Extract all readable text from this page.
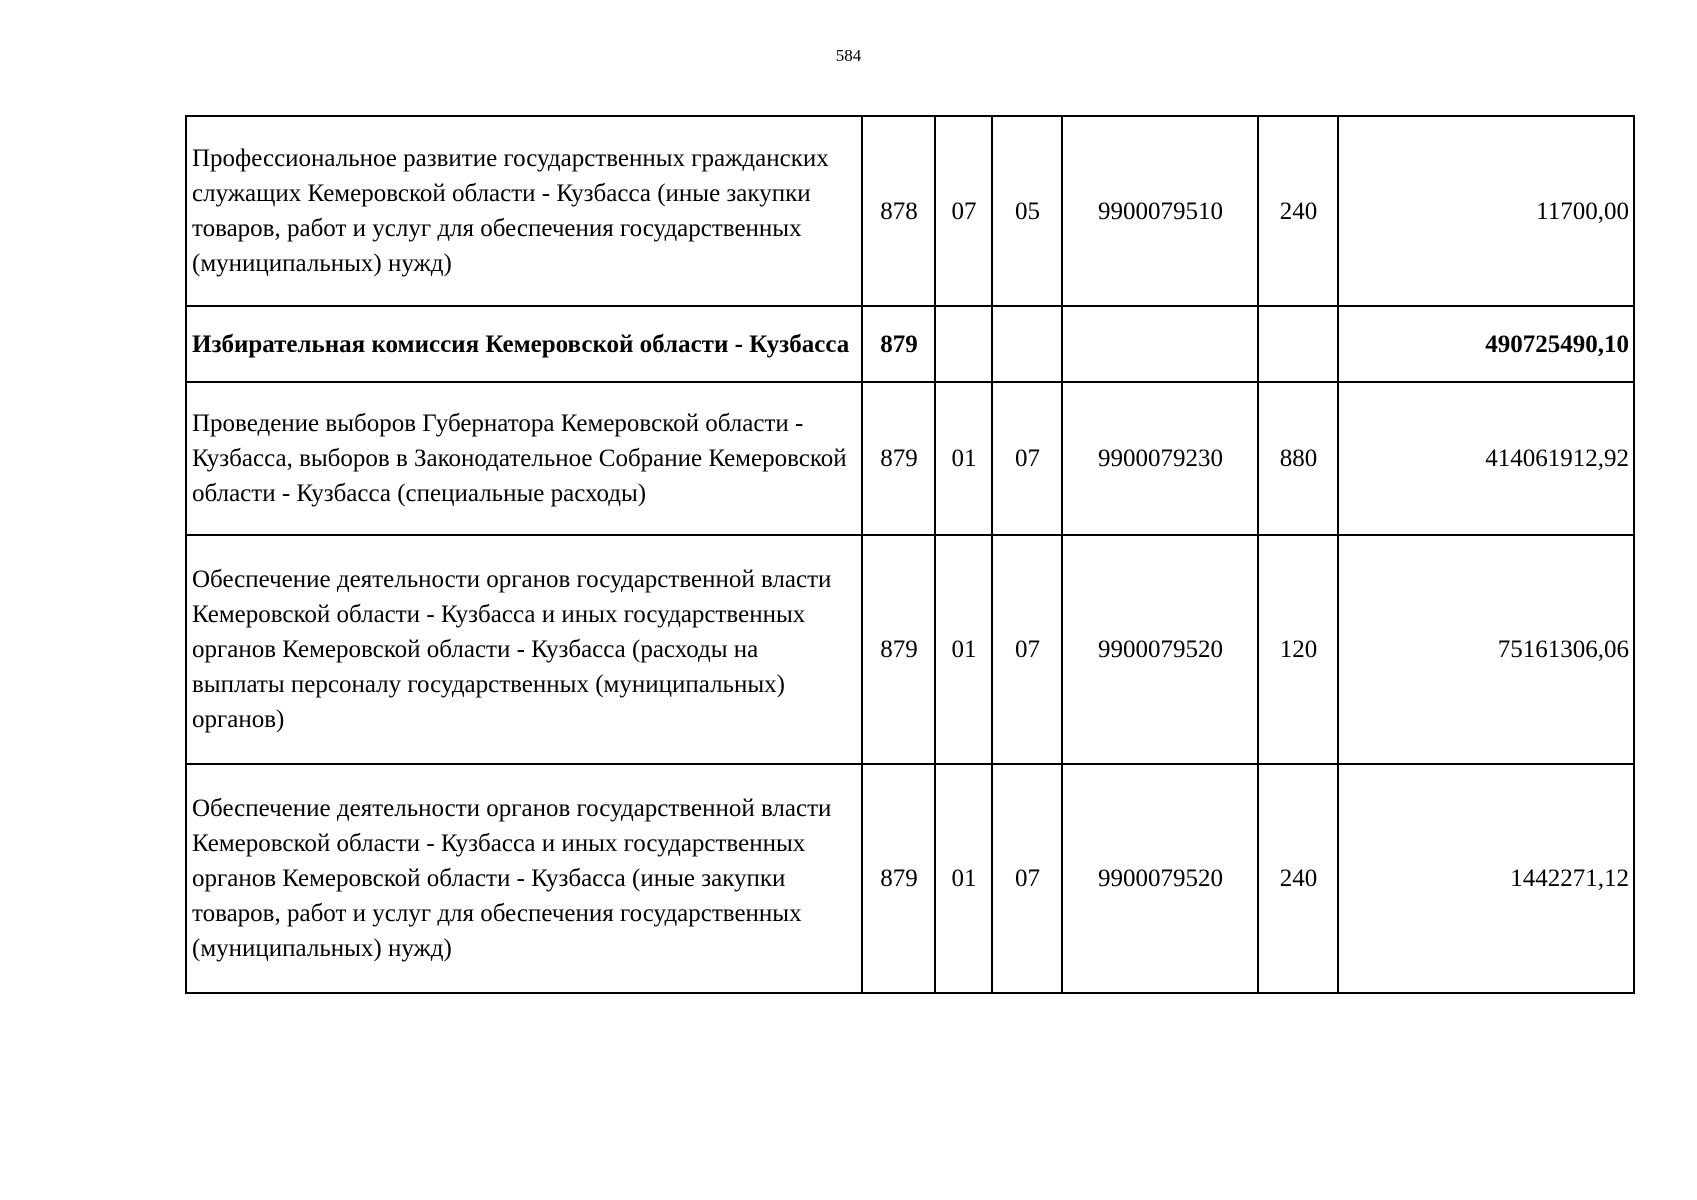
584
Профессиональное развитие государственных гражданских служащих Кемеровской области - Кузбасса (иные закупки товаров, работ и услуг для обеспечения государственных (муниципальных) нужд)	878	07	05	9900079510	240	11700,00
Избирательная комиссия Кемеровской области - Кузбасса	879					490725490,10
Проведение выборов Губернатора Кемеровской области - Кузбасса, выборов в Законодательное Собрание Кемеровской области - Кузбасса (специальные расходы)	879	01	07	9900079230	880	414061912,92
Обеспечение деятельности органов государственной власти Кемеровской области - Кузбасса и иных государственных органов Кемеровской области - Кузбасса (расходы на выплаты персоналу государственных (муниципальных) органов)	879	01	07	9900079520	120	75161306,06
Обеспечение деятельности органов государственной власти Кемеровской области - Кузбасса и иных государственных органов Кемеровской области - Кузбасса (иные закупки товаров, работ и услуг для обеспечения государственных (муниципальных) нужд)	879	01	07	9900079520	240	1442271,12
